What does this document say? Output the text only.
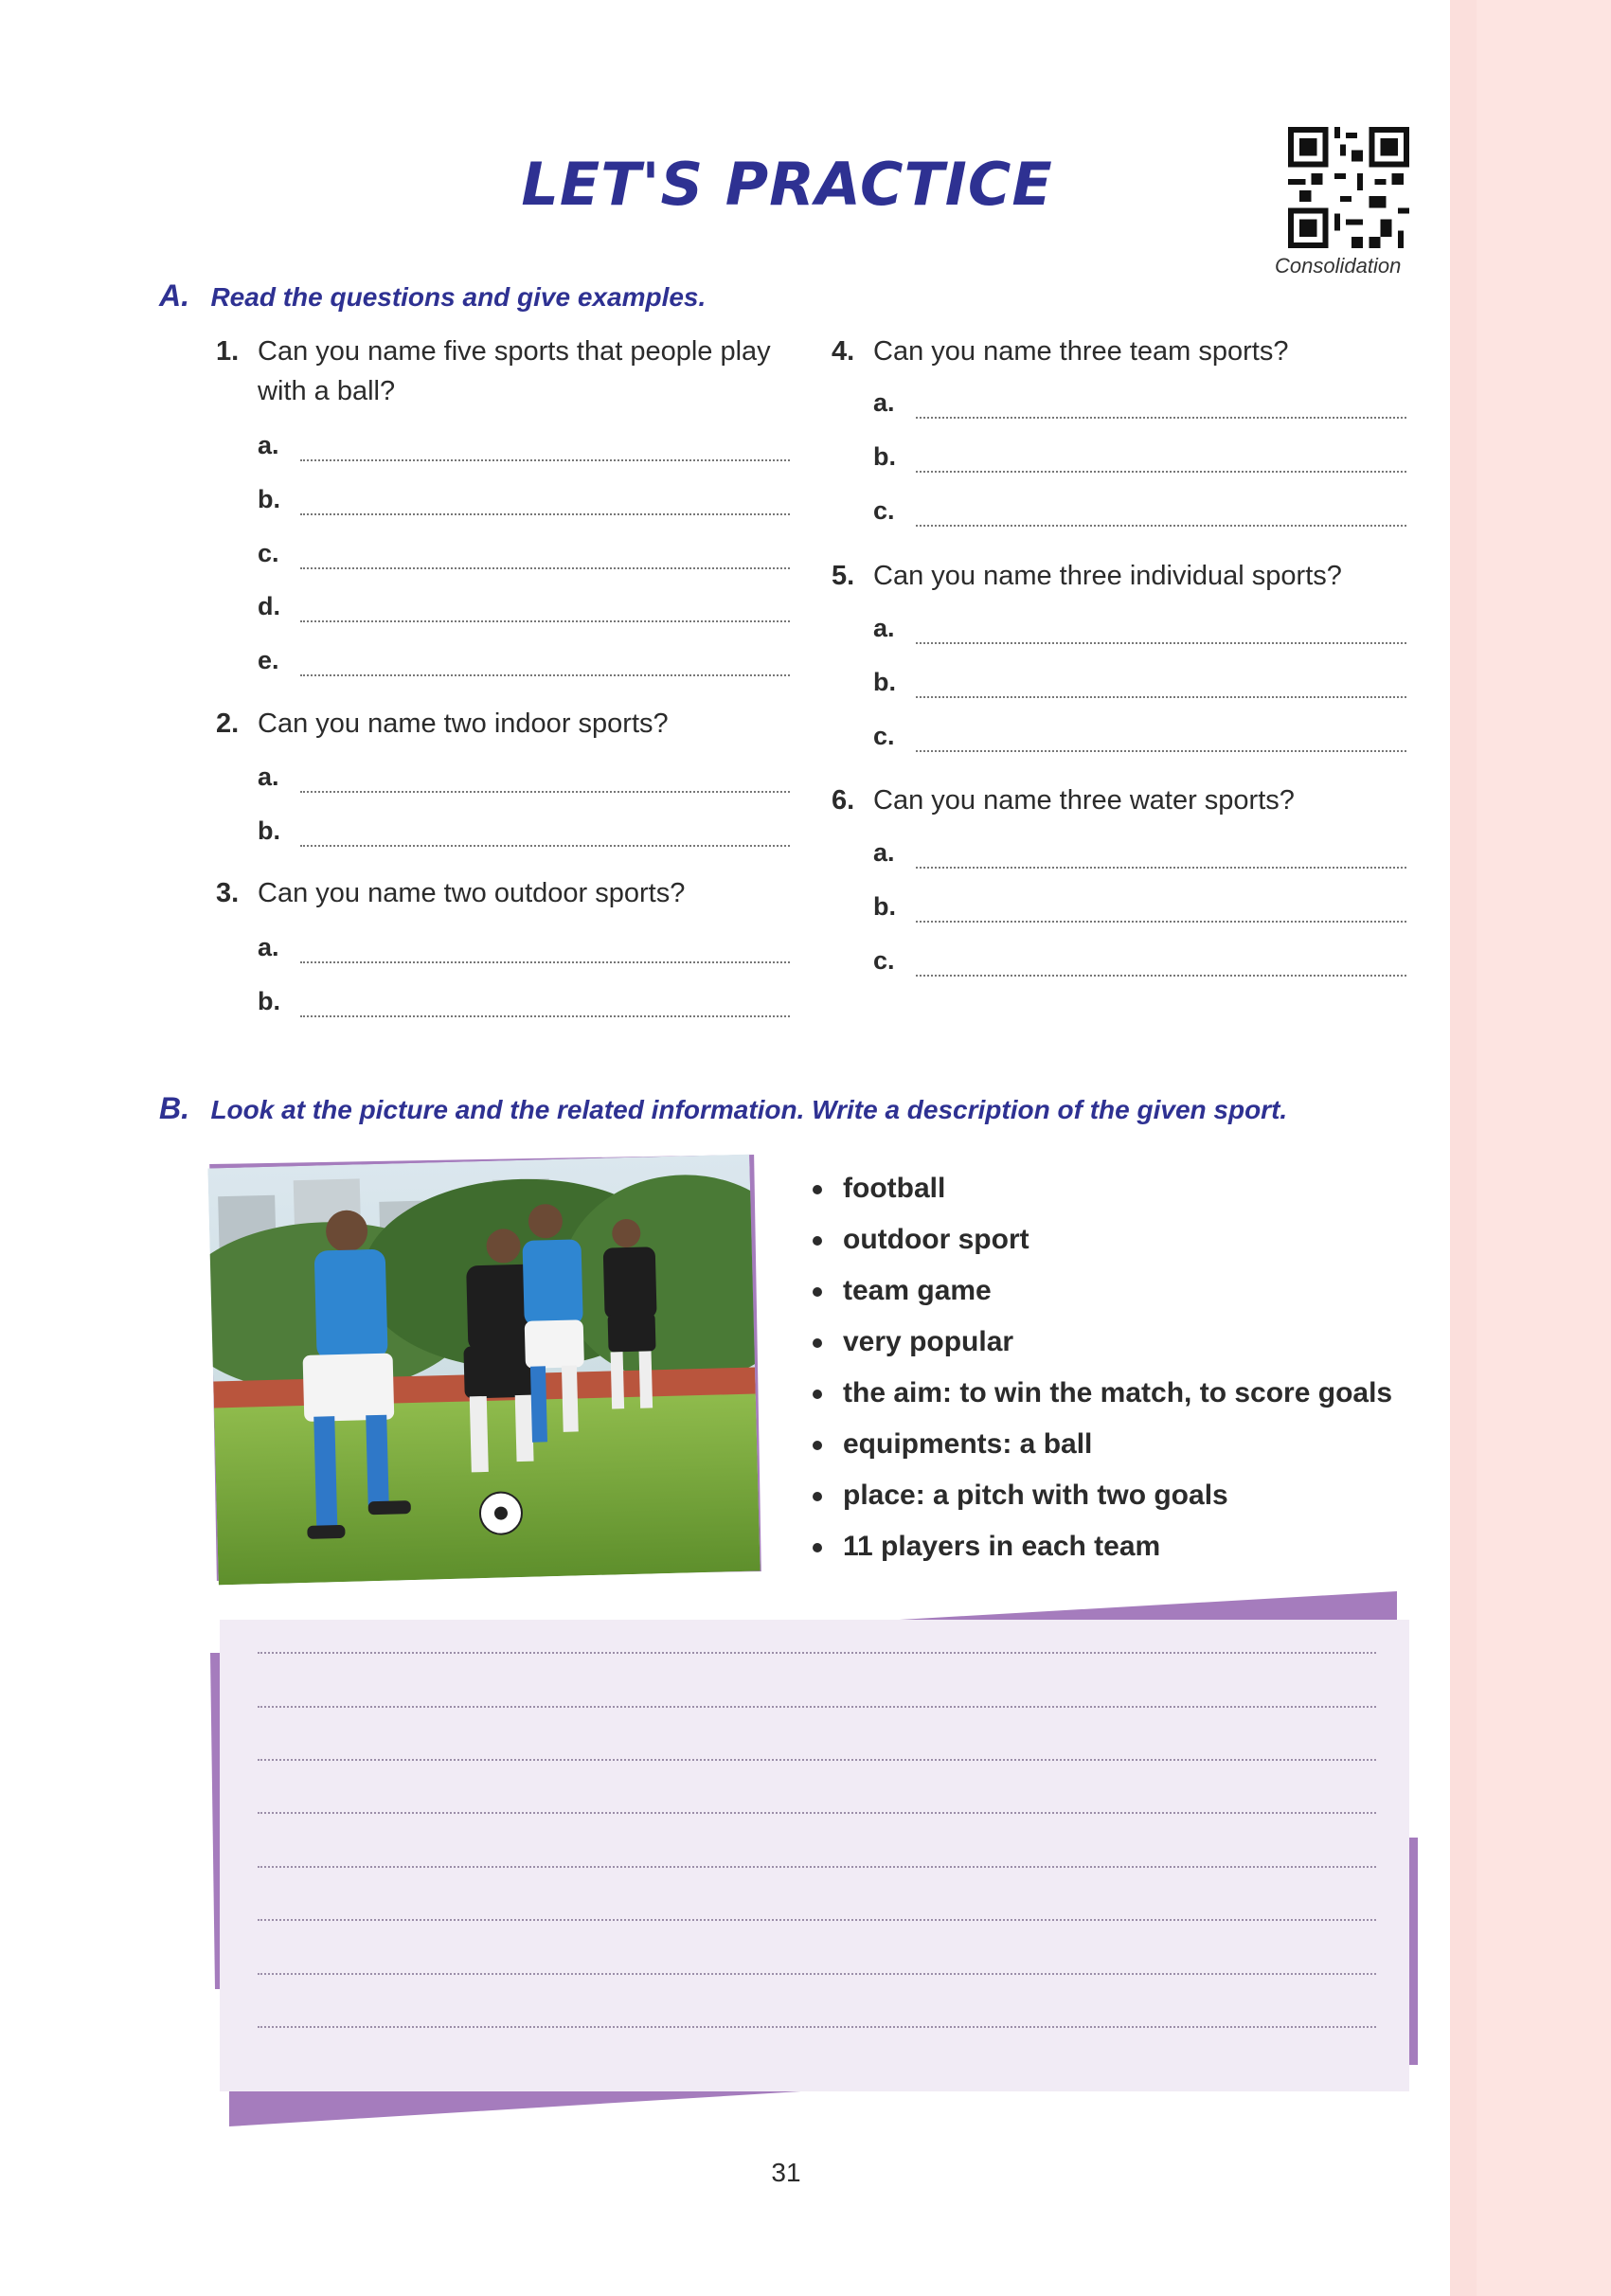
LET'S PRACTICE
Consolidation
A. Read the questions and give examples.
1. Can you name five sports that people play
with a ball?
a.
b.
c.
d.
e.
2. Can you name two indoor sports?
a.
b.
3. Can you name two outdoor sports?
a.
b.
4. Can you name three team sports?
a.
b.
c.
5. Can you name three individual sports?
a.
b.
c.
6. Can you name three water sports?
a.
b.
c.
B. Look at the picture and the related information. Write a description of the given sport.
football
outdoor sport
team game
very popular
the aim: to win the match, to score goals
equipments: a ball
place: a pitch with two goals
11 players in each team
31
